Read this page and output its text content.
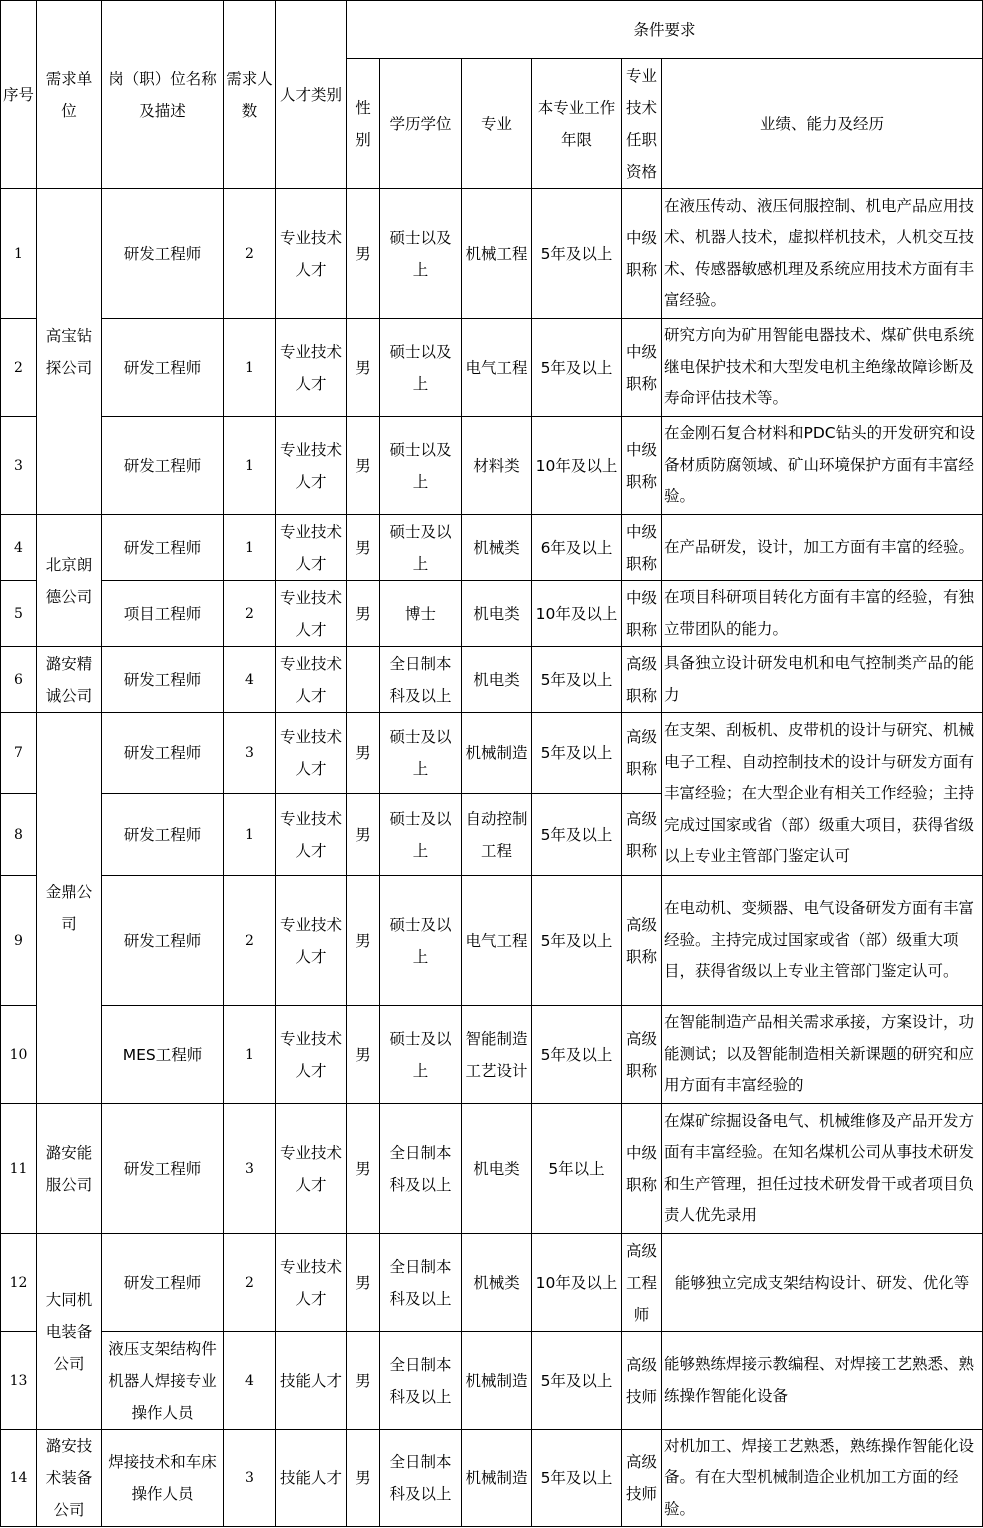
序号	需求单位	岗（职）位名称及描述	需求人数	人才类别	条件要求					
					性别	学历学位	专业	本专业工作年限	专业技术任职资格	业绩、能力及经历
1	高宝钻探公司	研发工程师	2	专业技术人才	男	硕士以及上	机械工程	5年及以上	中级职称	在液压传动、液压伺服控制、机电产品应用技术、机器人技术，虚拟样机技术，人机交互技术、传感器敏感机理及系统应用技术方面有丰富经验。
2		研发工程师	1	专业技术人才	男	硕士以及上	电气工程	5年及以上	中级职称	研究方向为矿用智能电器技术、煤矿供电系统继电保护技术和大型发电机主绝缘故障诊断及寿命评估技术等。
3		研发工程师	1	专业技术人才	男	硕士以及上	材料类	10年及以上	中级职称	在金刚石复合材料和PDC钻头的开发研究和设备材质防腐领域、矿山环境保护方面有丰富经验。
4	北京朗德公司	研发工程师	1	专业技术人才	男	硕士及以上	机械类	6年及以上	中级职称	在产品研发，设计，加工方面有丰富的经验。
5		项目工程师	2	专业技术人才	男	博士	机电类	10年及以上	中级职称	在项目科研项目转化方面有丰富的经验，有独立带团队的能力。
6	潞安精诚公司	研发工程师	4	专业技术人才		全日制本科及以上	机电类	5年及以上	高级职称	具备独立设计研发电机和电气控制类产品的能力
7	金鼎公司	研发工程师	3	专业技术人才	男	硕士及以上	机械制造	5年及以上	高级职称	在支架、刮板机、皮带机的设计与研究、机械电子工程、自动控制技术的设计与研发方面有丰富经验；在大型企业有相关工作经验；主持完成过国家或省（部）级重大项目，获得省级以上专业主管部门鉴定认可
8		研发工程师	1	专业技术人才	男	硕士及以上	自动控制工程	5年及以上	高级职称	
9		研发工程师	2	专业技术人才	男	硕士及以上	电气工程	5年及以上	高级职称	在电动机、变频器、电气设备研发方面有丰富经验。主持完成过国家或省（部）级重大项目，获得省级以上专业主管部门鉴定认可。
10		MES工程师	1	专业技术人才	男	硕士及以上	智能制造工艺设计	5年及以上	高级职称	在智能制造产品相关需求承接，方案设计，功能测试；以及智能制造相关新课题的研究和应用方面有丰富经验的
11	潞安能服公司	研发工程师	3	专业技术人才	男	全日制本科及以上	机电类	5年以上	中级职称	在煤矿综掘设备电气、机械维修及产品开发方面有丰富经验。在知名煤机公司从事技术研发和生产管理，担任过技术研发骨干或者项目负责人优先录用
12	大同机电装备公司	研发工程师	2	专业技术人才	男	全日制本科及以上	机械类	10年及以上	高级工程师	能够独立完成支架结构设计、研发、优化等
13		液压支架结构件机器人焊接专业操作人员	4	技能人才	男	全日制本科及以上	机械制造	5年及以上	高级技师	能够熟练焊接示教编程、对焊接工艺熟悉、熟练操作智能化设备
14	潞安技术装备公司	焊接技术和车床操作人员	3	技能人才	男	全日制本科及以上	机械制造	5年及以上	高级技师	对机加工、焊接工艺熟悉，熟练操作智能化设备。有在大型机械制造企业机加工方面的经验。
